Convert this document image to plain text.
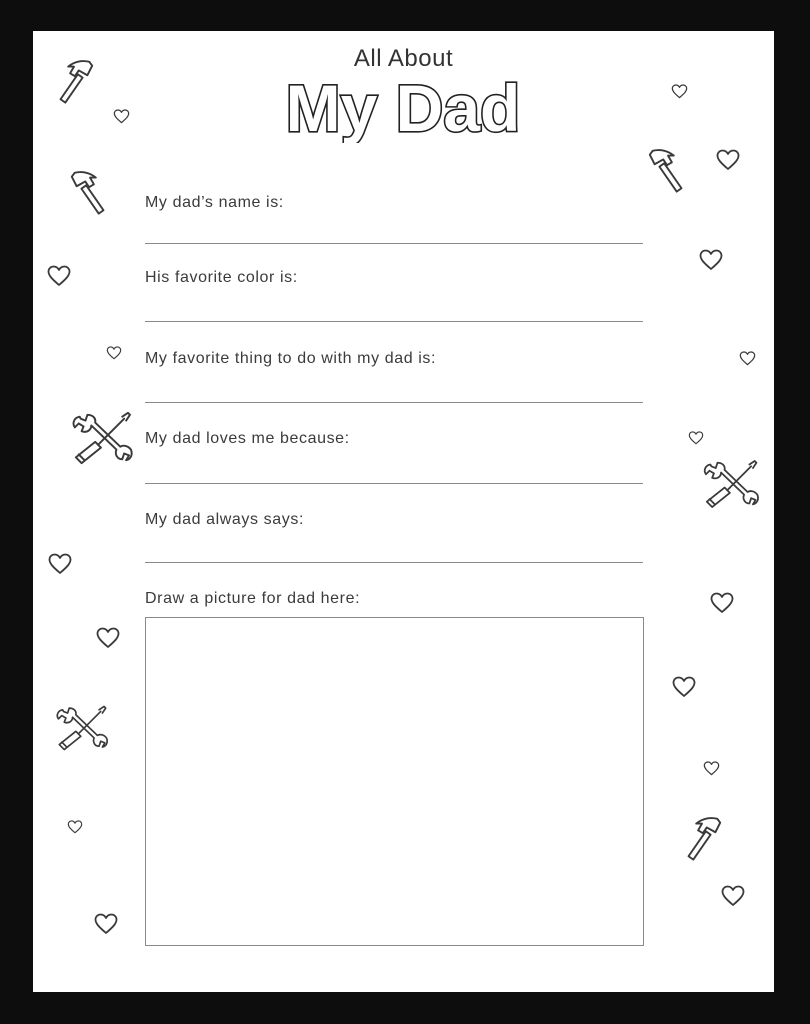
All About
My Dad
My dad’s name is:
His favorite color is:
My favorite thing to do with my dad is:
My dad loves me because:
My dad always says:
Draw a picture for dad here:
